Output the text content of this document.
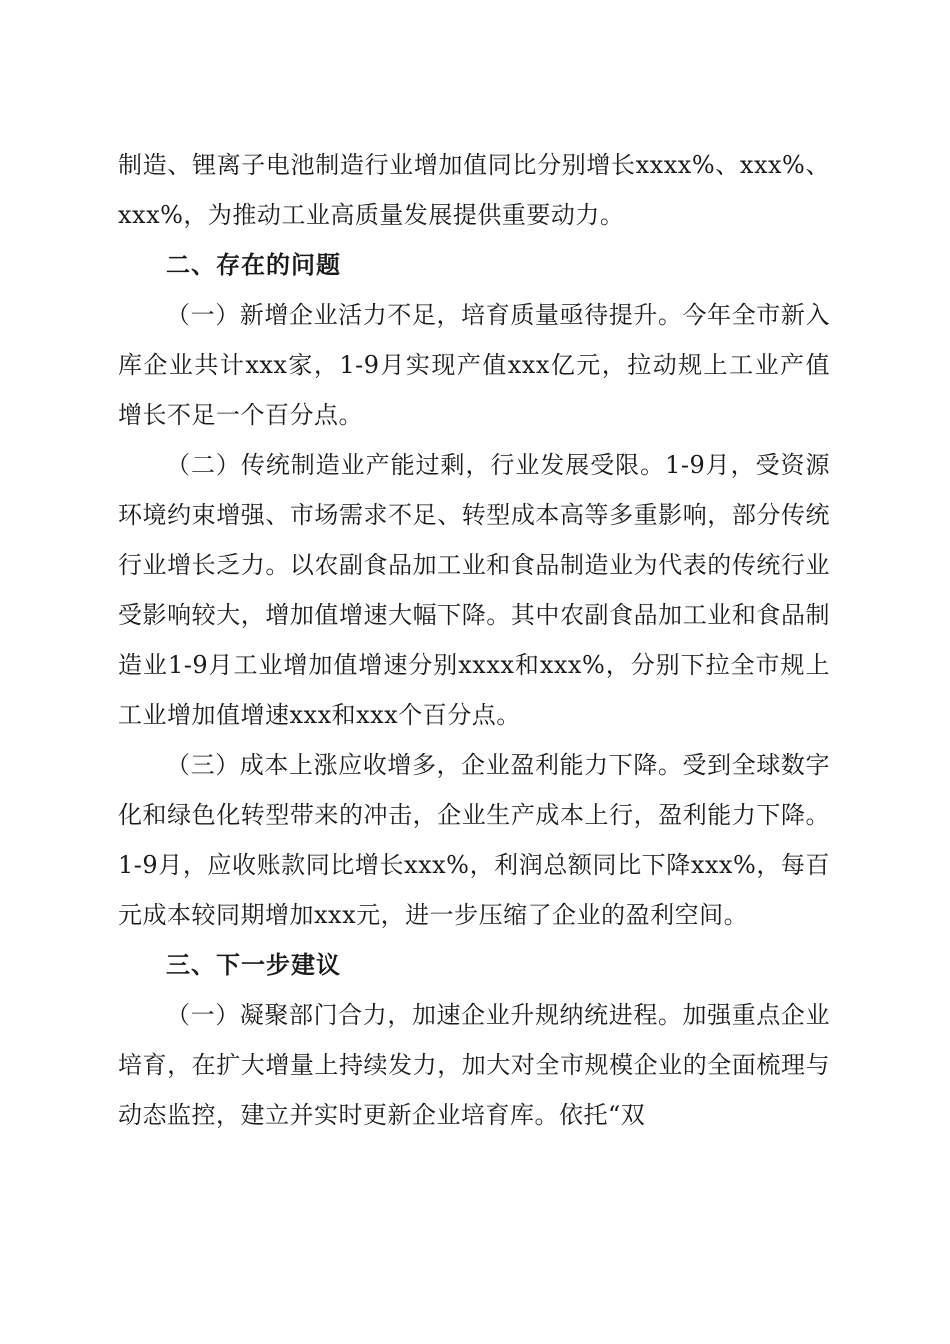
制造、锂离子电池制造行业增加值同比分别增长xxxx%、xxx%、xxx%，为推动工业高质量发展提供重要动力。

二、存在的问题

（一）新增企业活力不足，培育质量亟待提升。今年全市新入库企业共计xxx家，1-9月实现产值xxx亿元，拉动规上工业产值增长不足一个百分点。

（二）传统制造业产能过剩，行业发展受限。1-9月，受资源环境约束增强、市场需求不足、转型成本高等多重影响，部分传统行业增长乏力。以农副食品加工业和食品制造业为代表的传统行业受影响较大，增加值增速大幅下降。其中农副食品加工业和食品制造业1-9月工业增加值增速分别xxxx和xxx%，分别下拉全市规上工业增加值增速xxx和xxx个百分点。

（三）成本上涨应收增多，企业盈利能力下降。受到全球数字化和绿色化转型带来的冲击，企业生产成本上行，盈利能力下降。1-9月，应收账款同比增长xxx%，利润总额同比下降xxx%，每百元成本较同期增加xxx元，进一步压缩了企业的盈利空间。

三、下一步建议

（一）凝聚部门合力，加速企业升规纳统进程。加强重点企业培育，在扩大增量上持续发力，加大对全市规模企业的全面梳理与动态监控，建立并实时更新企业培育库。依托“双
